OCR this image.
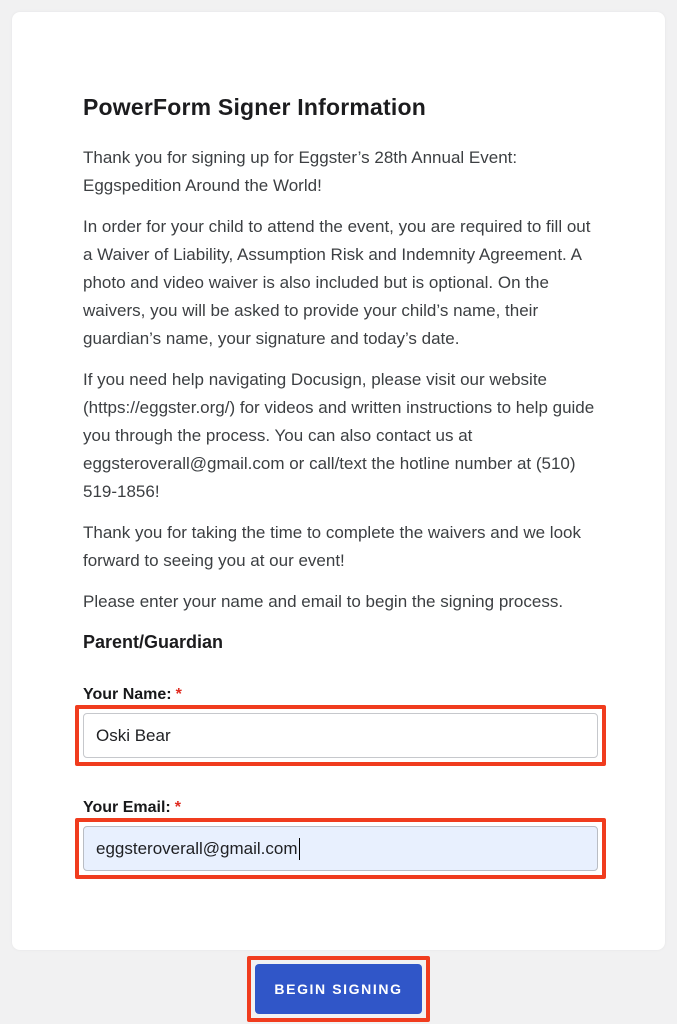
PowerForm Signer Information

Thank you for signing up for Eggster’s 28th Annual Event: Eggspedition Around the World!

In order for your child to attend the event, you are required to fill out a Waiver of Liability, Assumption Risk and Indemnity Agreement. A photo and video waiver is also included but is optional. On the waivers, you will be asked to provide your child’s name, their guardian’s name, your signature and today’s date.

If you need help navigating Docusign, please visit our website (https://eggster.org/) for videos and written instructions to help guide you through the process. You can also contact us at eggsteroverall@gmail.com or call/text the hotline number at (510) 519-1856!

Thank you for taking the time to complete the waivers and we look forward to seeing you at our event!

Please enter your name and email to begin the signing process.

Parent/Guardian
Your Name: *
Oski Bear
Your Email: *
eggsteroverall@gmail.com
BEGIN SIGNING
